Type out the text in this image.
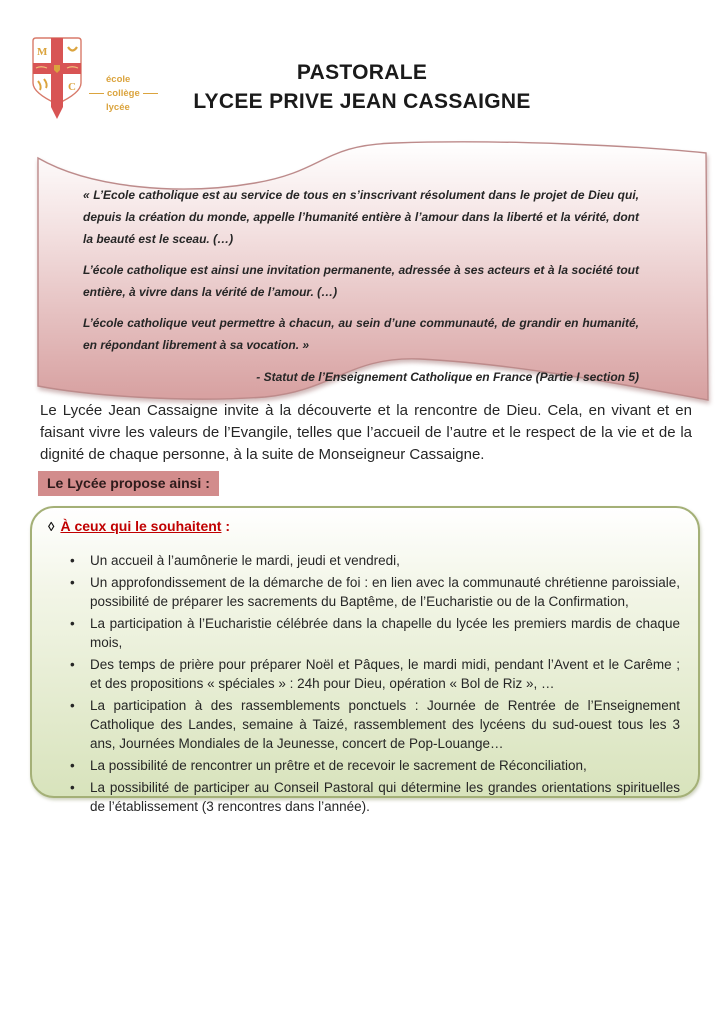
M
C
école
collège
lycée
PASTORALE
LYCEE PRIVE JEAN CASSAIGNE

« L’Ecole catholique est au service de tous en s’inscrivant résolument dans le projet de Dieu qui, depuis la création du monde, appelle l’humanité entière à l’amour dans la liberté et la vérité, dont la beauté est le sceau. (…)

L’école catholique est ainsi une invitation permanente, adressée à ses acteurs et à la société tout entière, à vivre dans la vérité de l’amour. (…)

L’école catholique veut permettre à chacun, au sein d’une communauté, de grandir en humanité, en répondant librement à sa vocation. »

- Statut de l’Enseignement Catholique en France (Partie I section 5)
Le Lycée Jean Cassaigne invite à la découverte et la rencontre de Dieu. Cela, en vivant et en faisant vivre les valeurs de l’Evangile, telles que l’accueil de l’autre et le respect de la vie et de la dignité de chaque personne, à la suite de Monseigneur Cassaigne.
Le Lycée propose ainsi :
◊ À ceux qui le souhaitent :
• Un accueil à l’aumônerie le mardi, jeudi et vendredi,
• Un approfondissement de la démarche de foi : en lien avec la communauté chrétienne paroissiale, possibilité de préparer les sacrements du Baptême, de l’Eucharistie ou de la Confirmation,
• La participation à l’Eucharistie célébrée dans la chapelle du lycée les premiers mardis de chaque mois,
• Des temps de prière pour préparer Noël et Pâques, le mardi midi, pendant l’Avent et le Carême ; et des propositions « spéciales » : 24h pour Dieu, opération « Bol de Riz », …
• La participation à des rassemblements ponctuels : Journée de Rentrée de l’Enseignement Catholique des Landes, semaine à Taizé, rassemblement des lycéens du sud-ouest tous les 3 ans, Journées Mondiales de la Jeunesse, concert de Pop-Louange…
• La possibilité de rencontrer un prêtre et de recevoir le sacrement de Réconciliation,
• La possibilité de participer au Conseil Pastoral qui détermine les grandes orientations spirituelles de l’établissement (3 rencontres dans l’année).
